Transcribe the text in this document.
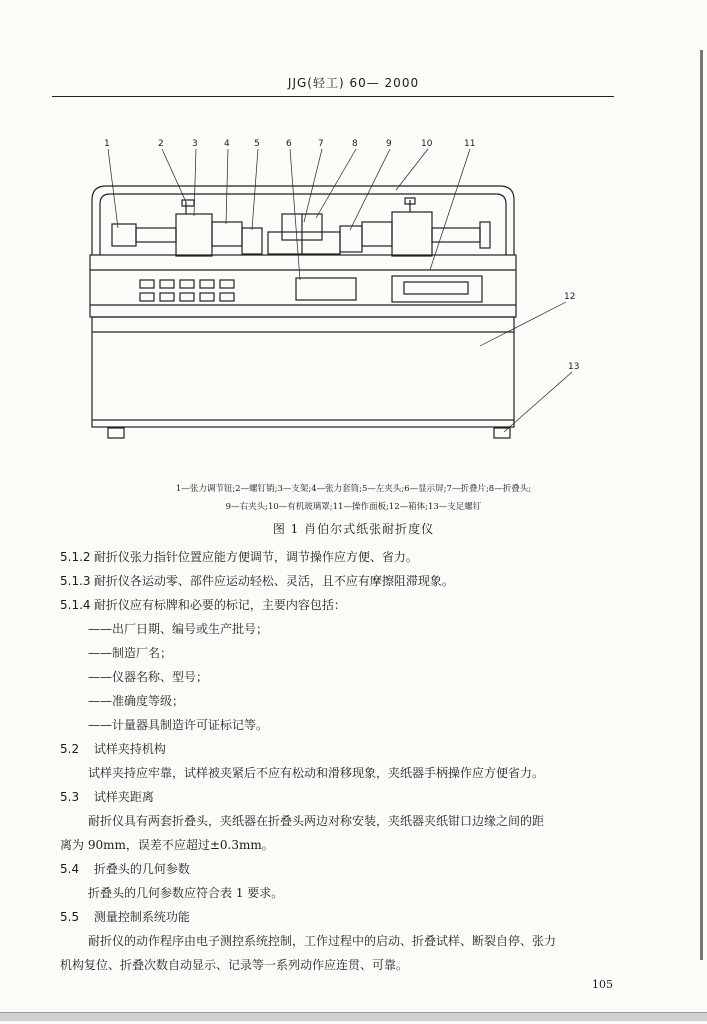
JJG(轻工) 60— 2000
1	2	3	4	5	6	7	8	9	10	11
12
13
1—张力调节钮;2—螺钉销;3—支架;4—张力套筒;5—左夹头;6—显示屏;7—折叠片;8—折叠头;
9—右夹头;10—有机玻璃罩;11—操作面板;12—箱体;13—支足螺钉
图 1 肖伯尔式纸张耐折度仪
5.1.2 耐折仪张力指针位置应能方便调节，调节操作应方便、省力。
5.1.3 耐折仪各运动零、部件应运动轻松、灵活，且不应有摩擦阻滞现象。
5.1.4 耐折仪应有标牌和必要的标记，主要内容包括：
——出厂日期、编号或生产批号；
——制造厂名；
——仪器名称、型号；
——准确度等级；
——计量器具制造许可证标记等。
5.2 试样夹持机构
试样夹持应牢靠，试样被夹紧后不应有松动和滑移现象，夹纸器手柄操作应方便省力。
5.3 试样夹距离
耐折仪具有两套折叠头，夹纸器在折叠头两边对称安装，夹纸器夹纸钳口边缘之间的距
离为 90mm，误差不应超过±0.3mm。
5.4 折叠头的几何参数
折叠头的几何参数应符合表 1 要求。
5.5 测量控制系统功能
耐折仪的动作程序由电子测控系统控制，工作过程中的启动、折叠试样、断裂自停、张力
机构复位、折叠次数自动显示、记录等一系列动作应连贯、可靠。
105
